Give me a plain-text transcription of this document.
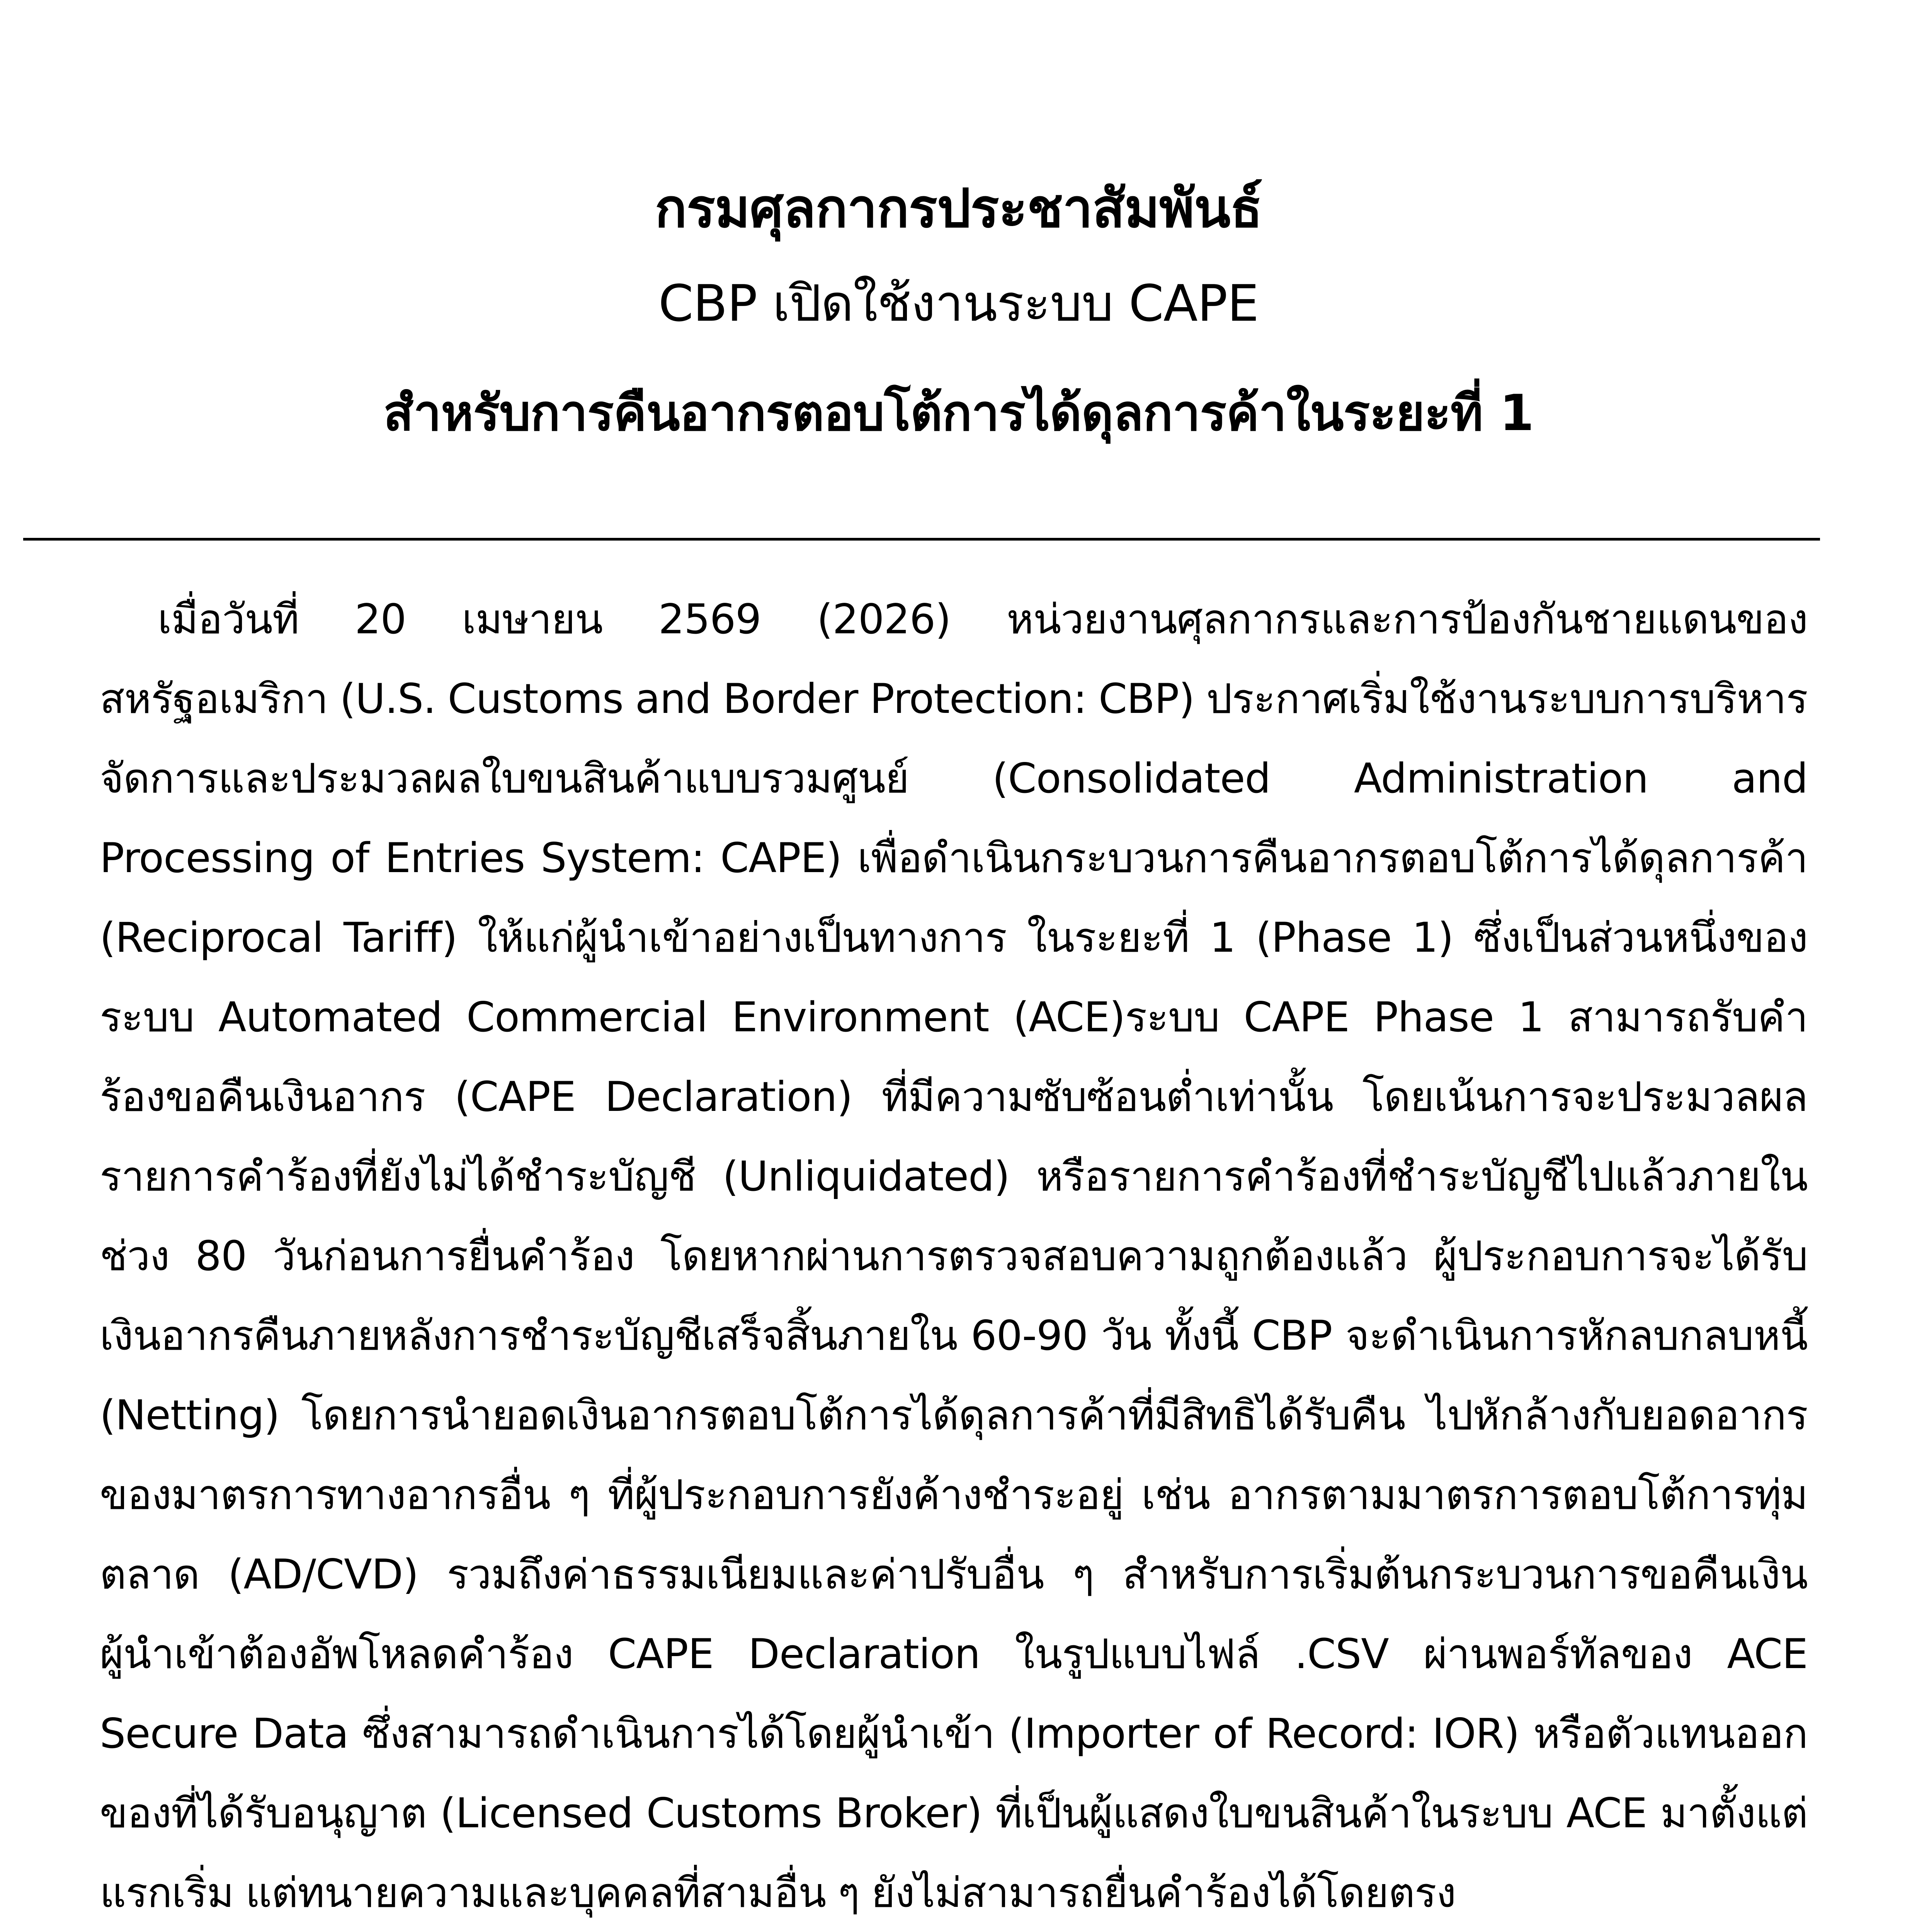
กรมศุลกากรประชาสัมพันธ์
CBP เปิดใช้งานระบบ CAPE
สำหรับการคืนอากรตอบโต้การได้ดุลการค้าในระยะที่ 1

เมื่อวันที่ 20 เมษายน 2569 (2026) หน่วยงานศุลกากรและการป้องกันชายแดนของสหรัฐอเมริกา (U.S. Customs and Border Protection: CBP) ประกาศเริ่มใช้งานระบบการบริหารจัดการและประมวลผลใบขนสินค้าแบบรวมศูนย์ (Consolidated Administration and Processing of Entries System: CAPE) เพื่อดำเนินกระบวนการคืนอากรตอบโต้การได้ดุลการค้า (Reciprocal Tariff) ให้แก่ผู้นำเข้าอย่างเป็นทางการ ในระยะที่ 1 (Phase 1) ซึ่งเป็นส่วนหนึ่งของระบบ Automated Commercial Environment (ACE)ระบบ CAPE Phase 1 สามารถรับคำร้องขอคืนเงินอากร (CAPE Declaration) ที่มีความซับซ้อนต่ำเท่านั้น โดยเน้นการจะประมวลผลรายการคำร้องที่ยังไม่ได้ชำระบัญชี (Unliquidated) หรือรายการคำร้องที่ชำระบัญชีไปแล้วภายในช่วง 80 วันก่อนการยื่นคำร้อง โดยหากผ่านการตรวจสอบความถูกต้องแล้ว ผู้ประกอบการจะได้รับเงินอากรคืนภายหลังการชำระบัญชีเสร็จสิ้นภายใน 60-90 วัน ทั้งนี้ CBP จะดำเนินการหักลบกลบหนี้ (Netting) โดยการนำยอดเงินอากรตอบโต้การได้ดุลการค้าที่มีสิทธิได้รับคืน ไปหักล้างกับยอดอากรของมาตรการทางอากรอื่น ๆ ที่ผู้ประกอบการยังค้างชำระอยู่ เช่น อากรตามมาตรการตอบโต้การทุ่มตลาด (AD/CVD) รวมถึงค่าธรรมเนียมและค่าปรับอื่น ๆ สำหรับการเริ่มต้นกระบวนการขอคืนเงิน ผู้นำเข้าต้องอัพโหลดคำร้อง CAPE Declaration ในรูปแบบไฟล์ .CSV ผ่านพอร์ทัลของ ACE Secure Data ซึ่งสามารถดำเนินการได้โดยผู้นำเข้า (Importer of Record: IOR) หรือตัวแทนออกของที่ได้รับอนุญาต (Licensed Customs Broker) ที่เป็นผู้แสดงใบขนสินค้าในระบบ ACE มาตั้งแต่แรกเริ่ม แต่ทนายความและบุคคลที่สามอื่น ๆ ยังไม่สามารถยื่นคำร้องได้โดยตรง
